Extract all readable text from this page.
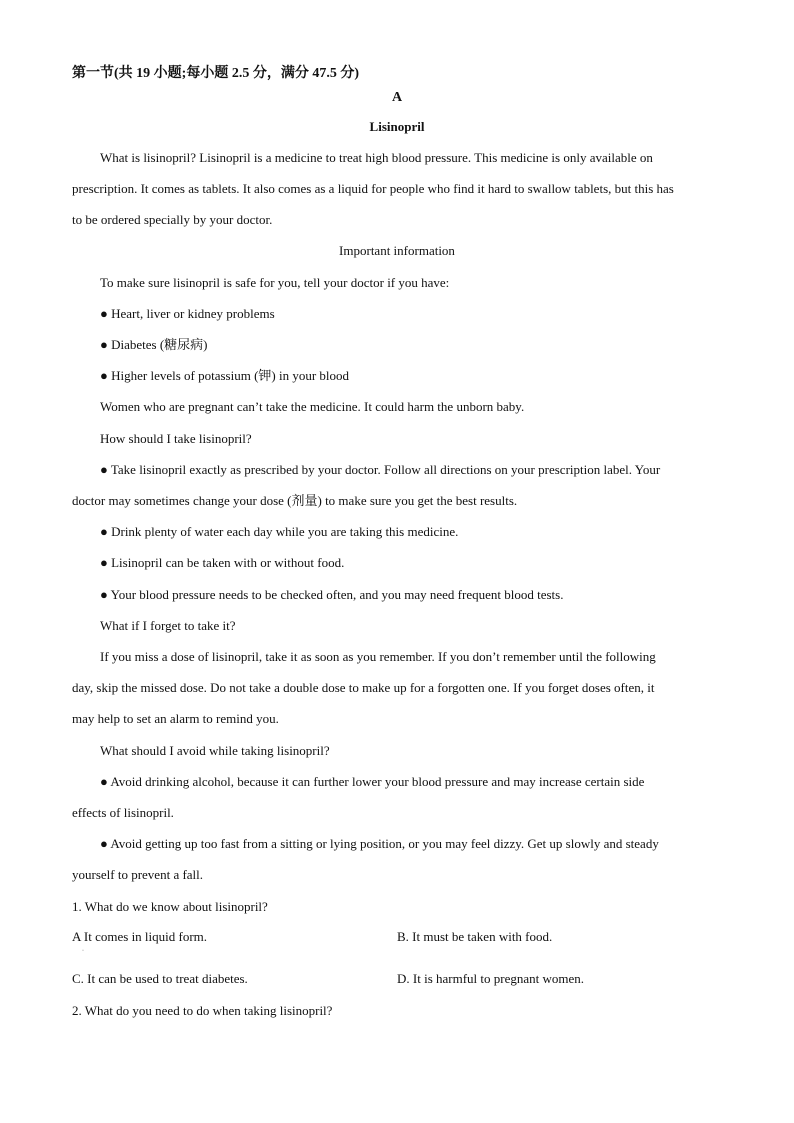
第一节(共 19 小题;每小题 2.5 分，满分 47.5 分)
A
Lisinopril
What is lisinopril? Lisinopril is a medicine to treat high blood pressure. This medicine is only available on
prescription. It comes as tablets. It also comes as a liquid for people who find it hard to swallow tablets, but this has
to be ordered specially by your doctor.
Important information
To make sure lisinopril is safe for you, tell your doctor if you have:
● Heart, liver or kidney problems
● Diabetes (糖尿病)
● Higher levels of potassium (钾) in your blood
Women who are pregnant can’t take the medicine. It could harm the unborn baby.
How should I take lisinopril?
● Take lisinopril exactly as prescribed by your doctor. Follow all directions on your prescription label. Your
doctor may sometimes change your dose (剂量) to make sure you get the best results.
● Drink plenty of water each day while you are taking this medicine.
● Lisinopril can be taken with or without food.
● Your blood pressure needs to be checked often, and you may need frequent blood tests.
What if I forget to take it?
If you miss a dose of lisinopril, take it as soon as you remember. If you don’t remember until the following
day, skip the missed dose. Do not take a double dose to make up for a forgotten one. If you forget doses often, it
may help to set an alarm to remind you.
What should I avoid while taking lisinopril?
● Avoid drinking alcohol, because it can further lower your blood pressure and may increase certain side
effects of lisinopril.
● Avoid getting up too fast from a sitting or lying position, or you may feel dizzy. Get up slowly and steady
yourself to prevent a fall.
1. What do we know about lisinopril?
A It comes in liquid form.
·
B. It must be taken with food.
C. It can be used to treat diabetes.	D. It is harmful to pregnant women.
2. What do you need to do when taking lisinopril?
